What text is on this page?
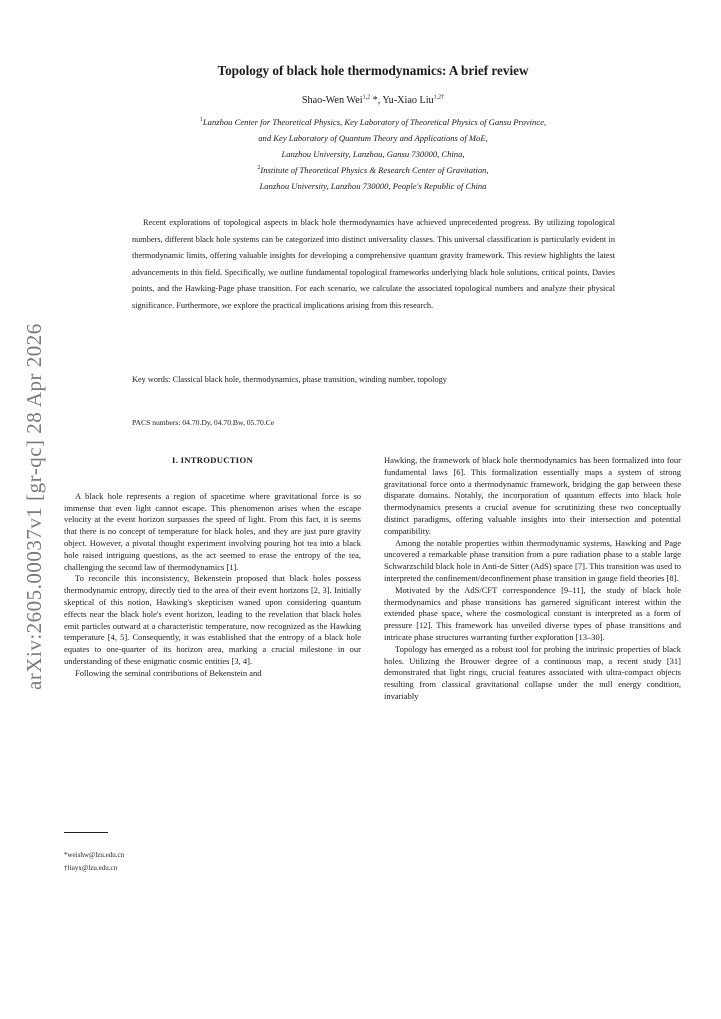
arXiv:2605.00037v1 [gr-qc] 28 Apr 2026
Topology of black hole thermodynamics: A brief review
Shao-Wen Wei$^{1,2}$ *, Yu-Xiao Liu$^{1,2\dagger}$
$^1$Lanzhou Center for Theoretical Physics, Key Laboratory of Theoretical Physics of Gansu Province,
and Key Laboratory of Quantum Theory and Applications of MoE,
Lanzhou University, Lanzhou, Gansu 730000, China,
$^2$Institute of Theoretical Physics & Research Center of Gravitation,
Lanzhou University, Lanzhou 730000, People's Republic of China

Recent explorations of topological aspects in black hole thermodynamics have achieved unprecedented progress. By utilizing topological numbers, different black hole systems can be categorized into distinct universality classes. This universal classification is particularly evident in thermodynamic limits, offering valuable insights for developing a comprehensive quantum gravity framework. This review highlights the latest advancements in this field. Specifically, we outline fundamental topological frameworks underlying black hole solutions, critical points, Davies points, and the Hawking-Page phase transition. For each scenario, we calculate the associated topological numbers and analyze their physical significance. Furthermore, we explore the practical implications arising from this research.

Key words: Classical black hole, thermodynamics, phase transition, winding number, topology

PACS numbers: 04.70.Dy, 04.70.Bw, 05.70.Ce
I. INTRODUCTION

A black hole represents a region of spacetime where gravitational force is so immense that even light cannot escape. This phenomenon arises when the escape velocity at the event horizon surpasses the speed of light. From this fact, it is seems that there is no concept of temperature for black holes, and they are just pure gravity object. However, a pivotal thought experiment involving pouring hot tea into a black hole raised intriguing questions, as the act seemed to erase the entropy of the tea, challenging the second law of thermodynamics [1].

To reconcile this inconsistency, Bekenstein proposed that black holes possess thermodynamic entropy, directly tied to the area of their event horizons [2, 3]. Initially skeptical of this notion, Hawking's skepticism waned upon considering quantum effects near the black hole's event horizon, leading to the revelation that black holes emit particles outward at a characteristic temperature, now recognized as the Hawking temperature [4, 5]. Consequently, it was established that the entropy of a black hole equates to one-quarter of its horizon area, marking a crucial milestone in our understanding of these enigmatic cosmic entities [3, 4].

Following the seminal contributions of Bekenstein and

Hawking, the framework of black hole thermodynamics has been formalized into four fundamental laws [6]. This formalization essentially maps a system of strong gravitational force onto a thermodynamic framework, bridging the gap between these disparate domains. Notably, the incorporation of quantum effects into black hole thermodynamics presents a crucial avenue for scrutinizing these two conceptually distinct paradigms, offering valuable insights into their intersection and potential compatibility.

Among the notable properties within thermodynamic systems, Hawking and Page uncovered a remarkable phase transition from a pure radiation phase to a stable large Schwarzschild black hole in Anti-de Sitter (AdS) space [7]. This transition was used to interpreted the confinement/deconfinement phase transition in gauge field theories [8].

Motivated by the AdS/CFT correspondence [9–11], the study of black hole thermodynamics and phase transitions has garnered significant interest within the extended phase space, where the cosmological constant is interpreted as a form of pressure [12]. This framework has unveiled diverse types of phase transitions and intricate phase structures warranting further exploration [13–30].

Topology has emerged as a robust tool for probing the intrinsic properties of black holes. Utilizing the Brouwer degree of a continuous map, a recent study [31] demonstrated that light rings, crucial features associated with ultra-compact objects resulting from classical gravitational collapse under the null energy condition, invariably

*weishw@lzu.edu.cn
†liuyx@lzu.edu.cn
